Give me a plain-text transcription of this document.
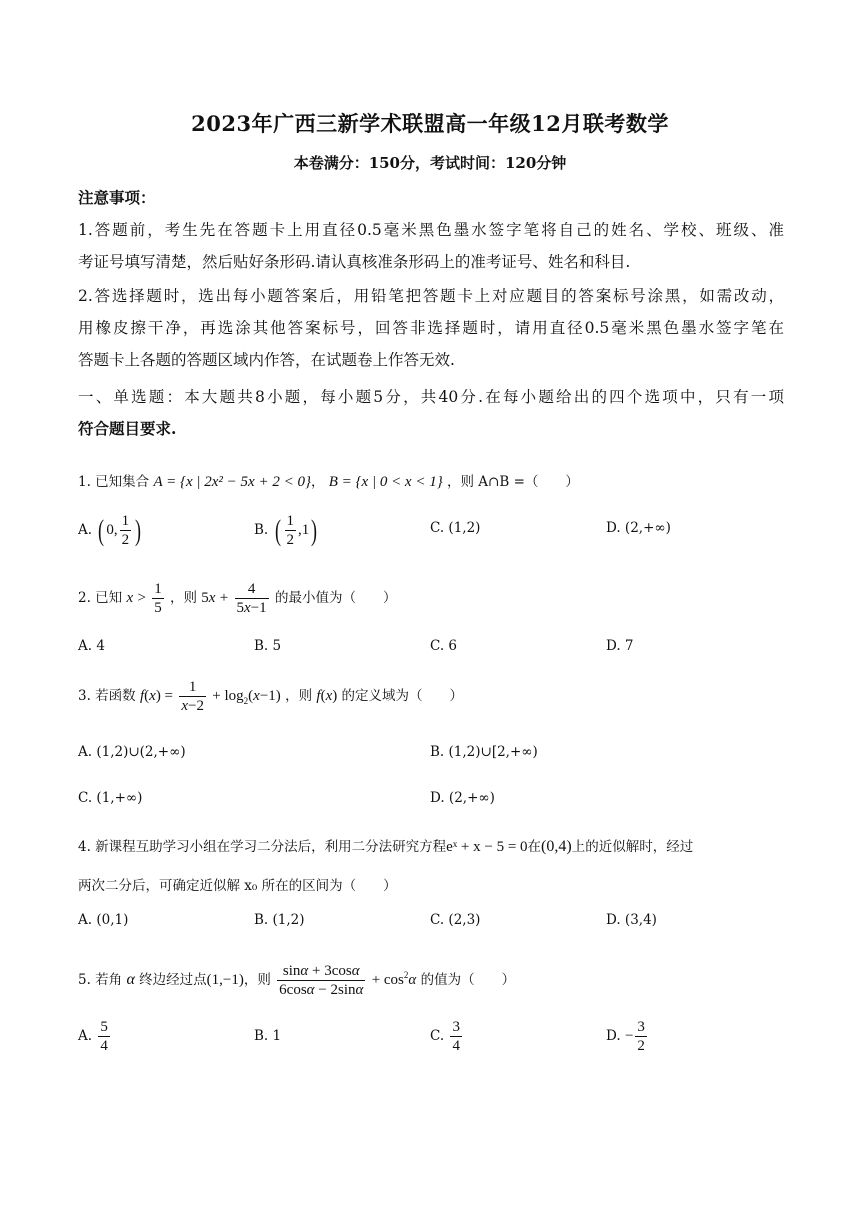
2023年广西三新学术联盟高一年级12月联考数学
本卷满分：150分，考试时间：120分钟
注意事项：
1.答题前，考生先在答题卡上用直径0.5毫米黑色墨水签字笔将自己的姓名、学校、班级、准
考证号填写清楚，然后贴好条形码.请认真核准条形码上的准考证号、姓名和科目.
2.答选择题时，选出每小题答案后，用铅笔把答题卡上对应题目的答案标号涂黑，如需改动，
用橡皮擦干净，再选涂其他答案标号，回答非选择题时，请用直径0.5毫米黑色墨水签字笔在
答题卡上各题的答题区域内作答，在试题卷上作答无效.
一、单选题：本大题共8小题，每小题5分，共40分.在每小题给出的四个选项中，只有一项
符合题目要求.
1. 已知集合 A = {x | 2x² − 5x + 2 < 0}， B = {x | 0 < x < 1} ，则 A∩B =（　　）
A. ( 0, $\frac{1}{2}$ )	B. ( $\frac{1}{2} ,1$)	C. (1,2)	D. (2,+∞)
2. 已知 $x > \frac{1}{5}$ ，则 $5x + \frac{4}{5x-1}$ 的最小值为（　　）
A. 4	B. 5	C. 6	D. 7
3. 若函数 $f(x) = \frac{1}{x-2} + \log_2(x-1)$ ，则 f(x) 的定义域为（　　）
A. (1,2)∪(2,+∞)	B. (1,2)∪[2,+∞)
C. (1,+∞)	D. (2,+∞)
4. 新课程互助学习小组在学习二分法后，利用二分法研究方程eˣ + x − 5 = 0在(0,4)上的近似解时，经过
两次二分后，可确定近似解 x₀ 所在的区间为（　　）
A. (0,1)	B. (1,2)	C. (2,3)	D. (3,4)
5. 若角 α 终边经过点(1,−1)，则 $\frac{\sin\alpha + 3\cos\alpha}{6\cos\alpha - 2\sin\alpha} + \cos^2\alpha$ 的值为（　　）
A. $\frac{5}{4}$	B. 1	C. $\frac{3}{4}$	D. − $\frac{3}{2}$
